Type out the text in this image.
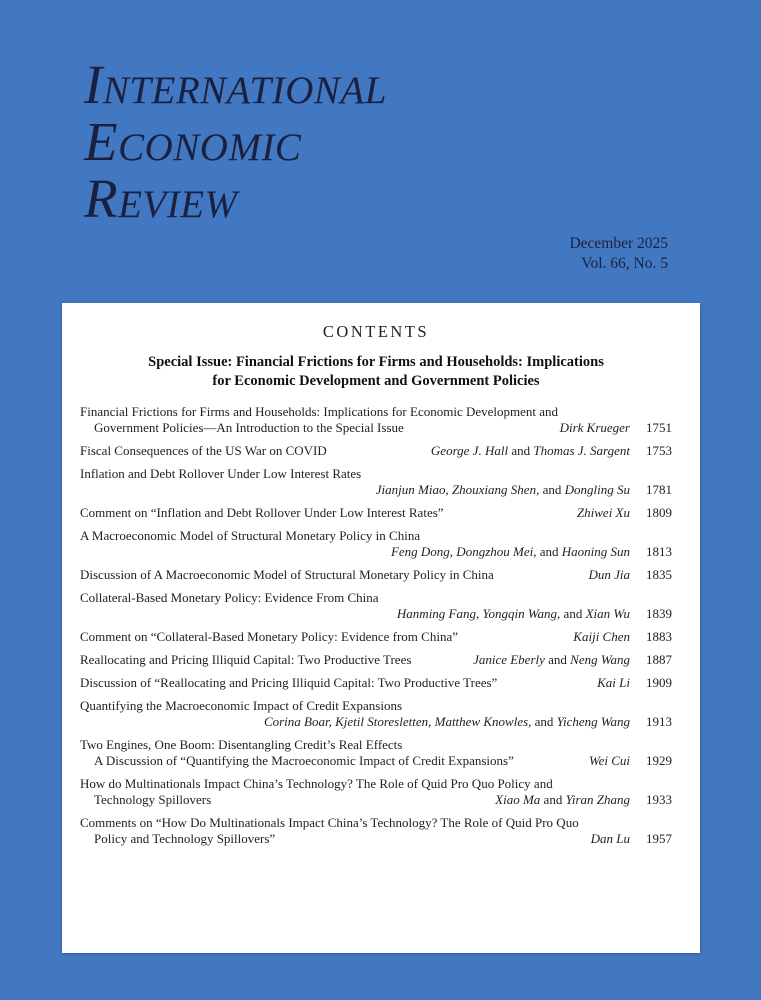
International
Economic
Review
December 2025
Vol. 66, No. 5
CONTENTS
Special Issue: Financial Frictions for Firms and Households: Implications
for Economic Development and Government Policies
Financial Frictions for Firms and Households: Implications for Economic Development and
Government Policies—An Introduction to the Special Issue	Dirk Krueger	1751
Fiscal Consequences of the US War on COVID	George J. Hall and Thomas J. Sargent	1753
Inflation and Debt Rollover Under Low Interest Rates
Jianjun Miao, Zhouxiang Shen, and Dongling Su	1781
Comment on “Inflation and Debt Rollover Under Low Interest Rates”	Zhiwei Xu	1809
A Macroeconomic Model of Structural Monetary Policy in China
Feng Dong, Dongzhou Mei, and Haoning Sun	1813
Discussion of A Macroeconomic Model of Structural Monetary Policy in China	Dun Jia	1835
Collateral-Based Monetary Policy: Evidence From China
Hanming Fang, Yongqin Wang, and Xian Wu	1839
Comment on “Collateral-Based Monetary Policy: Evidence from China”	Kaiji Chen	1883
Reallocating and Pricing Illiquid Capital: Two Productive Trees	Janice Eberly and Neng Wang	1887
Discussion of “Reallocating and Pricing Illiquid Capital: Two Productive Trees”	Kai Li	1909
Quantifying the Macroeconomic Impact of Credit Expansions
Corina Boar, Kjetil Storesletten, Matthew Knowles, and Yicheng Wang	1913
Two Engines, One Boom: Disentangling Credit’s Real Effects
A Discussion of “Quantifying the Macroeconomic Impact of Credit Expansions”	Wei Cui	1929
How do Multinationals Impact China’s Technology? The Role of Quid Pro Quo Policy and
Technology Spillovers	Xiao Ma and Yiran Zhang	1933
Comments on “How Do Multinationals Impact China’s Technology? The Role of Quid Pro Quo
Policy and Technology Spillovers”	Dan Lu	1957
